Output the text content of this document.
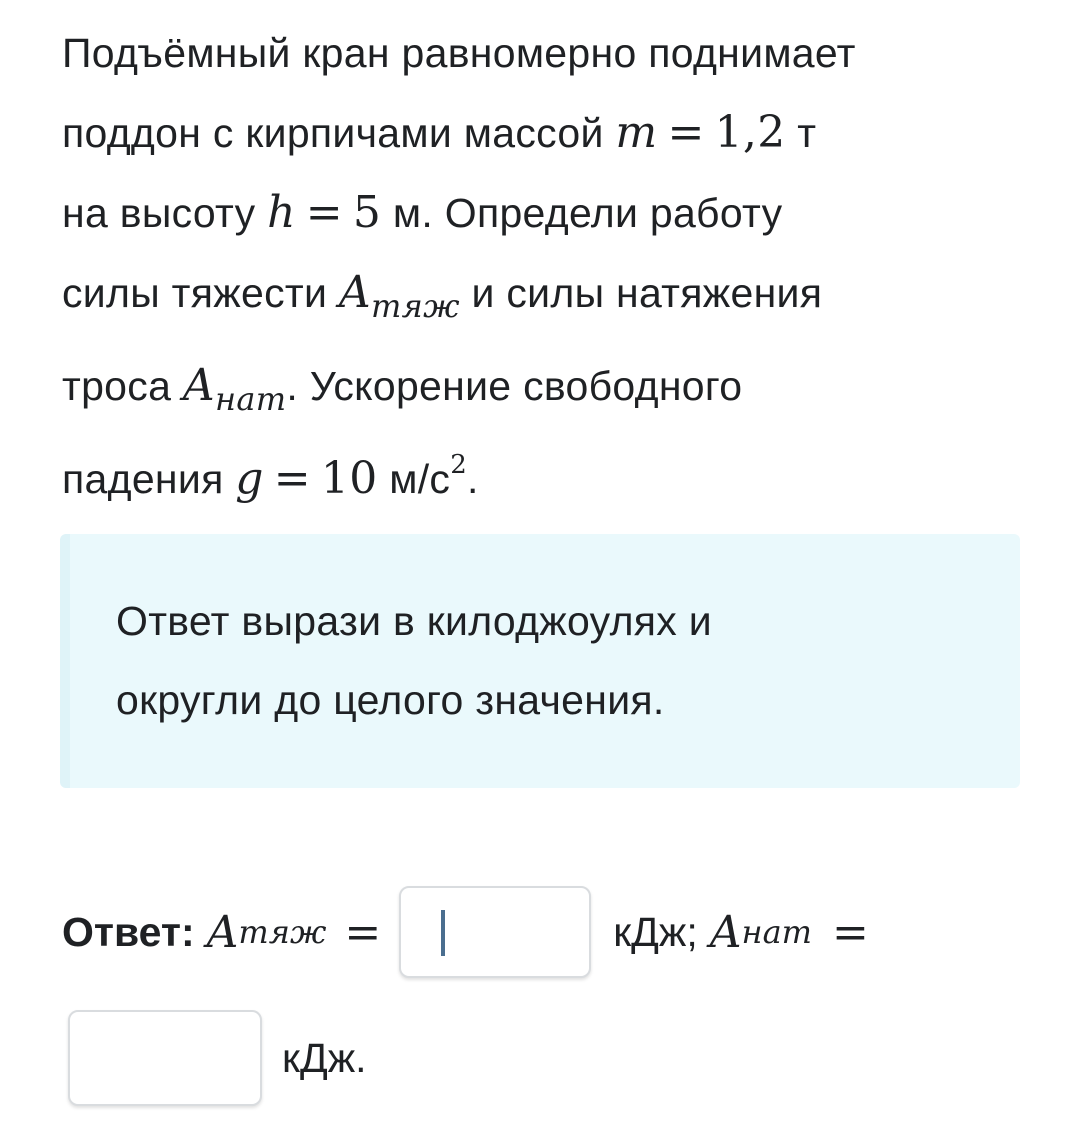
Подъёмный кран равномерно поднимает
поддон с кирпичами массой m = 1,2 т
на высоту h = 5 м. Определи работу
силы тяжести $A_{тяж}$ и силы натяжения
троса $A_{нат}$. Ускорение свободного
падения g = 10 $м/с^2$.
Ответ вырази в килоджоулях и
округли до целого значения.
Ответ: A тяж =	кДж; A нат =
кДж.
